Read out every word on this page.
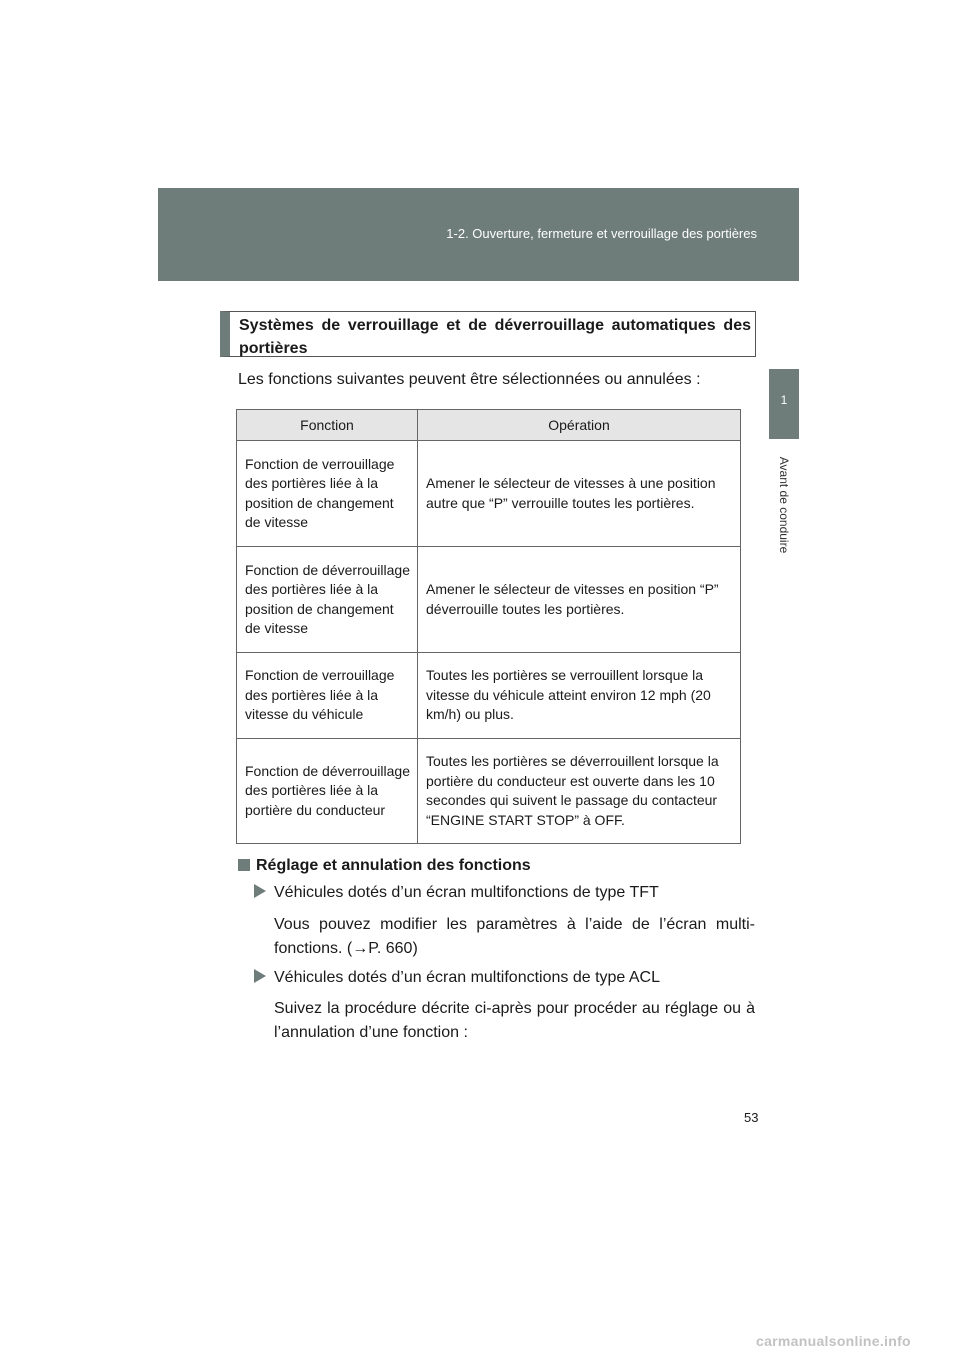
1-2. Ouverture, fermeture et verrouillage des portières
1
Avant de conduire
Systèmes de verrouillage et de déverrouillage automatiques des portières
Les fonctions suivantes peuvent être sélectionnées ou annulées :
Fonction	Opération
Fonction de verrouillage des portières liée à la position de changement de vitesse	Amener le sélecteur de vitesses à une position autre que “P” verrouille toutes les portières.
Fonction de déverrouillage des portières liée à la position de changement de vitesse	Amener le sélecteur de vitesses en position “P” déverrouille toutes les portières.
Fonction de verrouillage des portières liée à la vitesse du véhicule	Toutes les portières se verrouillent lorsque la vitesse du véhicule atteint environ 12 mph (20 km/h) ou plus.
Fonction de déverrouillage des portières liée à la portière du conducteur	Toutes les portières se déverrouillent lorsque la portière du conducteur est ouverte dans les 10 secondes qui suivent le passage du contacteur “ENGINE START STOP” à OFF.
Réglage et annulation des fonctions
Véhicules dotés d’un écran multifonctions de type TFT
Vous pouvez modifier les paramètres à l’aide de l’écran multi-fonctions. (→P. 660)
Véhicules dotés d’un écran multifonctions de type ACL
Suivez la procédure décrite ci-après pour procéder au réglage ou à l’annulation d’une fonction :
53
carmanualsonline.info
